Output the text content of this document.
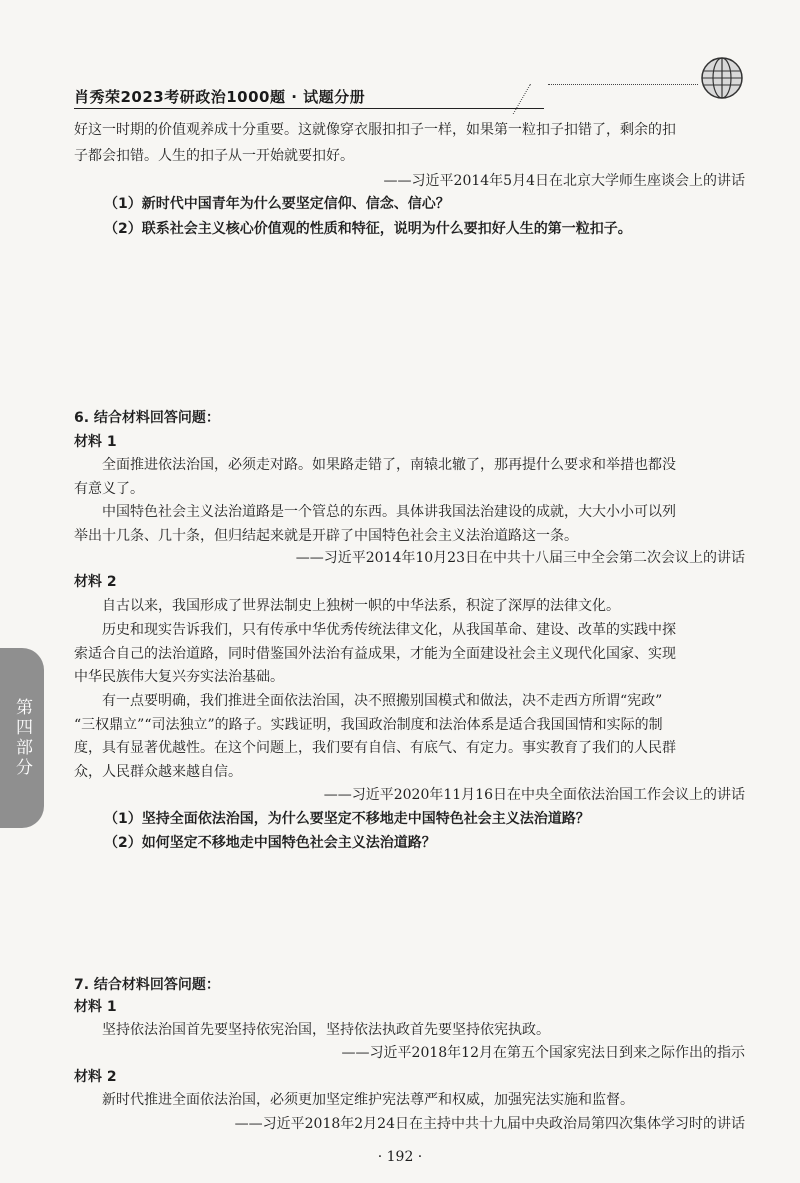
肖秀荣2023考研政治1000题 · 试题分册
好这一时期的价值观养成十分重要。这就像穿衣服扣扣子一样，如果第一粒扣子扣错了，剩余的扣
子都会扣错。人生的扣子从一开始就要扣好。
——习近平2014年5月4日在北京大学师生座谈会上的讲话
（1）新时代中国青年为什么要坚定信仰、信念、信心？
（2）联系社会主义核心价值观的性质和特征，说明为什么要扣好人生的第一粒扣子。
6. 结合材料回答问题：
材料 1
全面推进依法治国，必须走对路。如果路走错了，南辕北辙了，那再提什么要求和举措也都没
有意义了。
中国特色社会主义法治道路是一个管总的东西。具体讲我国法治建设的成就，大大小小可以列
举出十几条、几十条，但归结起来就是开辟了中国特色社会主义法治道路这一条。
——习近平2014年10月23日在中共十八届三中全会第二次会议上的讲话
材料 2
自古以来，我国形成了世界法制史上独树一帜的中华法系，积淀了深厚的法律文化。
历史和现实告诉我们，只有传承中华优秀传统法律文化，从我国革命、建设、改革的实践中探
索适合自己的法治道路，同时借鉴国外法治有益成果，才能为全面建设社会主义现代化国家、实现
中华民族伟大复兴夯实法治基础。
有一点要明确，我们推进全面依法治国，决不照搬别国模式和做法，决不走西方所谓“宪政”
“三权鼎立”“司法独立”的路子。实践证明，我国政治制度和法治体系是适合我国国情和实际的制
度，具有显著优越性。在这个问题上，我们要有自信、有底气、有定力。事实教育了我们的人民群
众，人民群众越来越自信。
——习近平2020年11月16日在中央全面依法治国工作会议上的讲话
（1）坚持全面依法治国，为什么要坚定不移地走中国特色社会主义法治道路？
（2）如何坚定不移地走中国特色社会主义法治道路？
7. 结合材料回答问题：
材料 1
坚持依法治国首先要坚持依宪治国，坚持依法执政首先要坚持依宪执政。
——习近平2018年12月在第五个国家宪法日到来之际作出的指示
材料 2
新时代推进全面依法治国，必须更加坚定维护宪法尊严和权威，加强宪法实施和监督。
——习近平2018年2月24日在主持中共十九届中央政治局第四次集体学习时的讲话
第四部分
· 192 ·
